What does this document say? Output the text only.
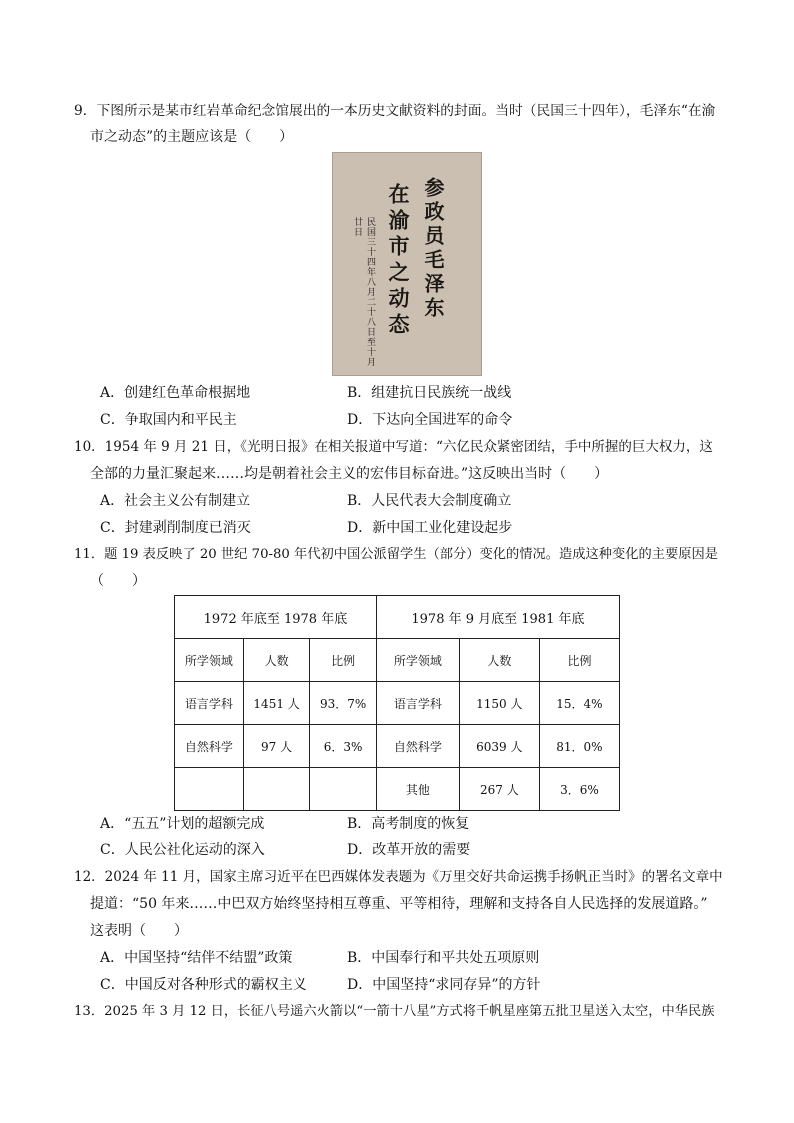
9．下图所示是某市红岩革命纪念馆展出的一本历史文献资料的封面。当时（民国三十四年），毛泽东“在渝
市之动态”的主题应该是（　　）
参政员毛泽东
在渝市之动态
民国三十四年八月二十八日至十月廿日
A．创建红色革命根据地	B．组建抗日民族统一战线
C．争取国内和平民主	D．下达向全国进军的命令
10．1954 年 9 月 21 日，《光明日报》在相关报道中写道：“六亿民众紧密团结，手中所握的巨大权力，这
全部的力量汇聚起来……均是朝着社会主义的宏伟目标奋进。”这反映出当时（　　）
A．社会主义公有制建立	B．人民代表大会制度确立
C．封建剥削制度已消灭	D．新中国工业化建设起步
11．题 19 表反映了 20 世纪 70-80 年代初中国公派留学生（部分）变化的情况。造成这种变化的主要原因是
（　　）
1972 年底至 1978 年底			1978 年 9 月底至 1981 年底		
所学领域	人数	比例	所学领域	人数	比例
语言学科	1451 人	93．7%	语言学科	1150 人	15．4%
自然科学	97 人	6．3%	自然科学	6039 人	81．0%
			其他	267 人	3．6%
A．“五五”计划的超额完成	B．高考制度的恢复
C．人民公社化运动的深入	D．改革开放的需要
12．2024 年 11 月，国家主席习近平在巴西媒体发表题为《万里交好共命运携手扬帆正当时》的署名文章中
提道：“50 年来……中巴双方始终坚持相互尊重、平等相待，理解和支持各自人民选择的发展道路。”
这表明（　　）
A．中国坚持“结伴不结盟”政策	B．中国奉行和平共处五项原则
C．中国反对各种形式的霸权主义	D．中国坚持“求同存异”的方针
13．2025 年 3 月 12 日，长征八号遥六火箭以“一箭十八星”方式将千帆星座第五批卫星送入太空，中华民族
